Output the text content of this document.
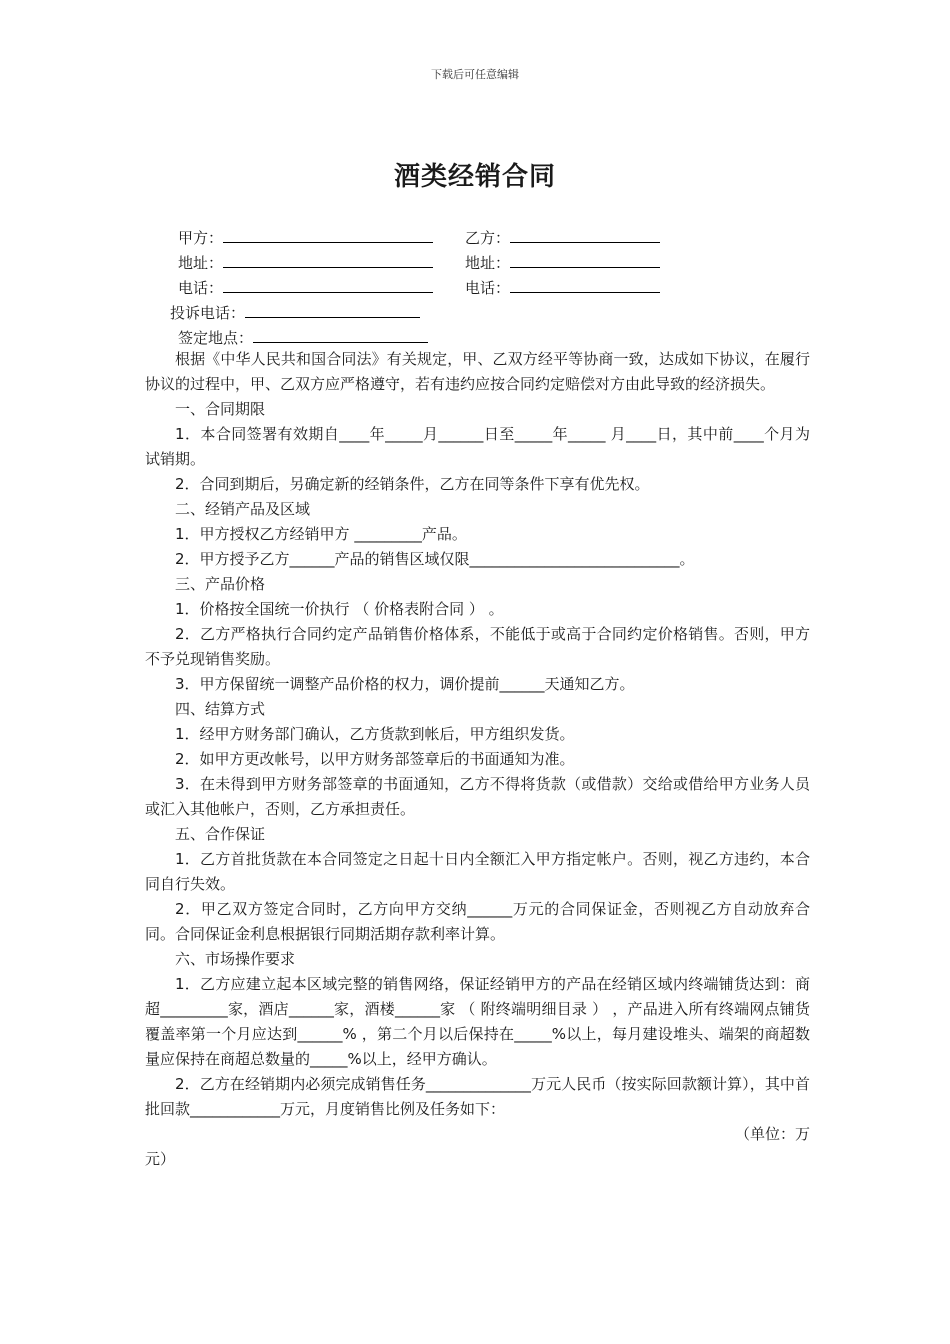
下载后可任意编辑
酒类经销合同
甲方：	乙方：
地址：	地址：
电话：	电话：
投诉电话：
签定地点：

根据《中华人民共和国合同法》有关规定，甲、乙双方经平等协商一致，达成如下协议，在履行协议的过程中，甲、乙双方应严格遵守，若有违约应按合同约定赔偿对方由此导致的经济损失。

一、合同期限

1．本合同签署有效期自____年_____月______日至_____年_____ 月____日，其中前____个月为试销期。

2．合同到期后，另确定新的经销条件，乙方在同等条件下享有优先权。

二、经销产品及区域

1．甲方授权乙方经销甲方 _________产品。

2．甲方授予乙方______产品的销售区域仅限____________________________。

三、产品价格

1．价格按全国统一价执行 （ 价格表附合同 ） 。

2．乙方严格执行合同约定产品销售价格体系，不能低于或高于合同约定价格销售。否则，甲方不予兑现销售奖励。

3．甲方保留统一调整产品价格的权力，调价提前______天通知乙方。

四、结算方式

1．经甲方财务部门确认，乙方货款到帐后，甲方组织发货。

2．如甲方更改帐号，以甲方财务部签章后的书面通知为准。

3．在未得到甲方财务部签章的书面通知，乙方不得将货款（或借款）交给或借给甲方业务人员或汇入其他帐户，否则，乙方承担责任。

五、合作保证

1．乙方首批货款在本合同签定之日起十日内全额汇入甲方指定帐户。否则，视乙方违约，本合同自行失效。

2．甲乙双方签定合同时，乙方向甲方交纳______万元的合同保证金，否则视乙方自动放弃合同。合同保证金利息根据银行同期活期存款利率计算。

六、市场操作要求

1．乙方应建立起本区域完整的销售网络，保证经销甲方的产品在经销区域内终端铺货达到：商超_________家，酒店______家，酒楼______家 （ 附终端明细目录 ） ，产品进入所有终端网点铺货覆盖率第一个月应达到______% ，第二个月以后保持在_____%以上，每月建设堆头、端架的商超数量应保持在商超总数量的_____%以上，经甲方确认。

2．乙方在经销期内必须完成销售任务______________万元人民币（按实际回款额计算），其中首批回款____________万元，月度销售比例及任务如下：

（单位：万

元）
